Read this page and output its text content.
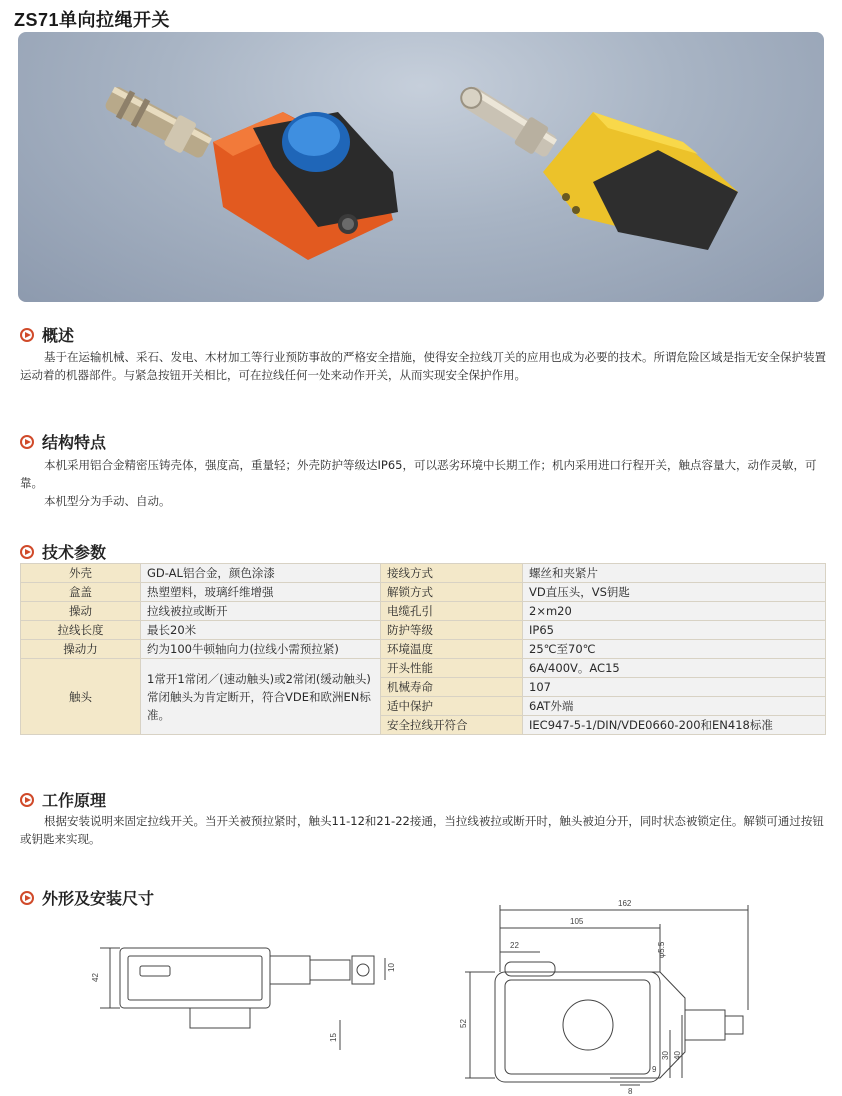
ZS71单向拉绳开关
概述
基于在运输机械、采石、发电、木材加工等行业预防事故的严格安全措施，使得安全拉线丌关的应用也成为必要的技术。所谓危险区域是指无安全保护装置运动着的机器部件。与紧急按钮开关相比，可在拉线任何一处来动作开关，从而实现安全保护作用。
结构特点
本机采用铝合金精密压铸壳体，强度高，重量轻；外壳防护等级达IP65，可以恶劣环境中长期工作；机内采用进口行程开关，触点容量大，动作灵敏，可靠。
本机型分为手动、自动。
技术参数
外壳	GD-AL铝合金，颜色涂漆	接线方式	螺丝和夹紧片
盒盖	热塑塑料，玻璃纤维增强	解锁方式	VD直压头，VS钥匙
操动	拉线被拉或断开	电缆孔引	2×m20
拉线长度	最长20米	防护等级	IP65
操动力	约为100牛顿轴向力(拉线小需预拉紧)	环境温度	25℃至70℃
触头	1常开1常闭／(速动触头)或2常闭(缓动触头)常闭触头为肯定断开，符合VDE和欧洲EN标准。	开头性能	6A/400V。AC15
		机械寿命	107
		适中保护	6AT外端
		安全拉线开符合	IEC947-5-1/DIN/VDE0660-200和EN418标准
工作原理
根据安装说明来固定拉线开关。当开关被预拉紧时，触头11-12和21-22接通，当拉线被拉或断开时，触头被迫分开，同时状态被锁定住。解锁可通过按钮或钥匙来实现。
外形及安装尺寸
42
10
15
162
105
22
52
φ5.5
9
30 40
8
